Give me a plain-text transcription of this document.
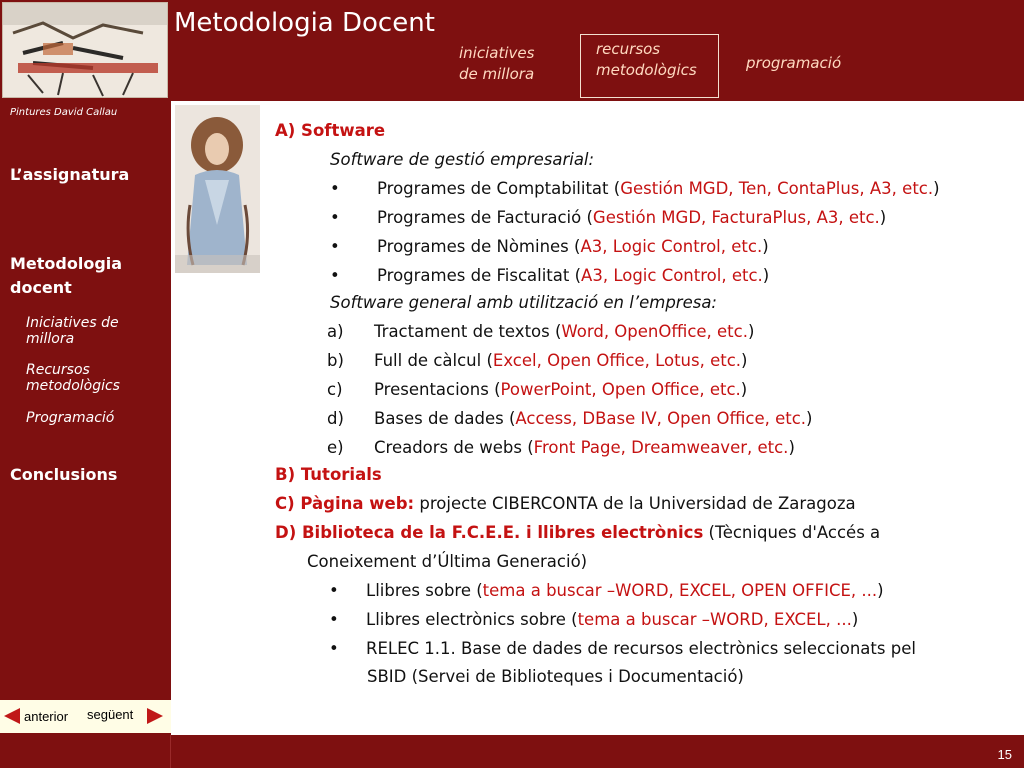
Metodologia Docent
iniciatives
de millora
recursos
metodològics	programació
Pintures David Callau
L’assignatura
Metodologia
docent
Iniciatives de
millora
Recursos
metodològics
Programació
Conclusions
anterior següent
15
A) Software
Software de gestió empresarial:
• Programes de Comptabilitat (Gestión MGD, Ten, ContaPlus, A3, etc.)
• Programes de Facturació (Gestión MGD, FacturaPlus, A3, etc.)
• Programes de Nòmines (A3, Logic Control, etc.)
• Programes de Fiscalitat (A3, Logic Control, etc.)
Software general amb utilització en l’empresa:
a) Tractament de textos (Word, OpenOffice, etc.)
b) Full de càlcul (Excel, Open Office, Lotus, etc.)
c) Presentacions (PowerPoint, Open Office, etc.)
d) Bases de dades (Access, DBase IV, Open Office, etc.)
e) Creadors de webs (Front Page, Dreamweaver, etc.)
B) Tutorials
C) Pàgina web: projecte CIBERCONTA de la Universidad de Zaragoza
D) Biblioteca de la F.C.E.E. i llibres electrònics (Tècniques d'Accés a
Coneixement d’Última Generació)
• Llibres sobre (tema a buscar –WORD, EXCEL, OPEN OFFICE, ...)
• Llibres electrònics sobre (tema a buscar –WORD, EXCEL, ...)
• RELEC 1.1. Base de dades de recursos electrònics seleccionats pel
SBID (Servei de Biblioteques i Documentació)
